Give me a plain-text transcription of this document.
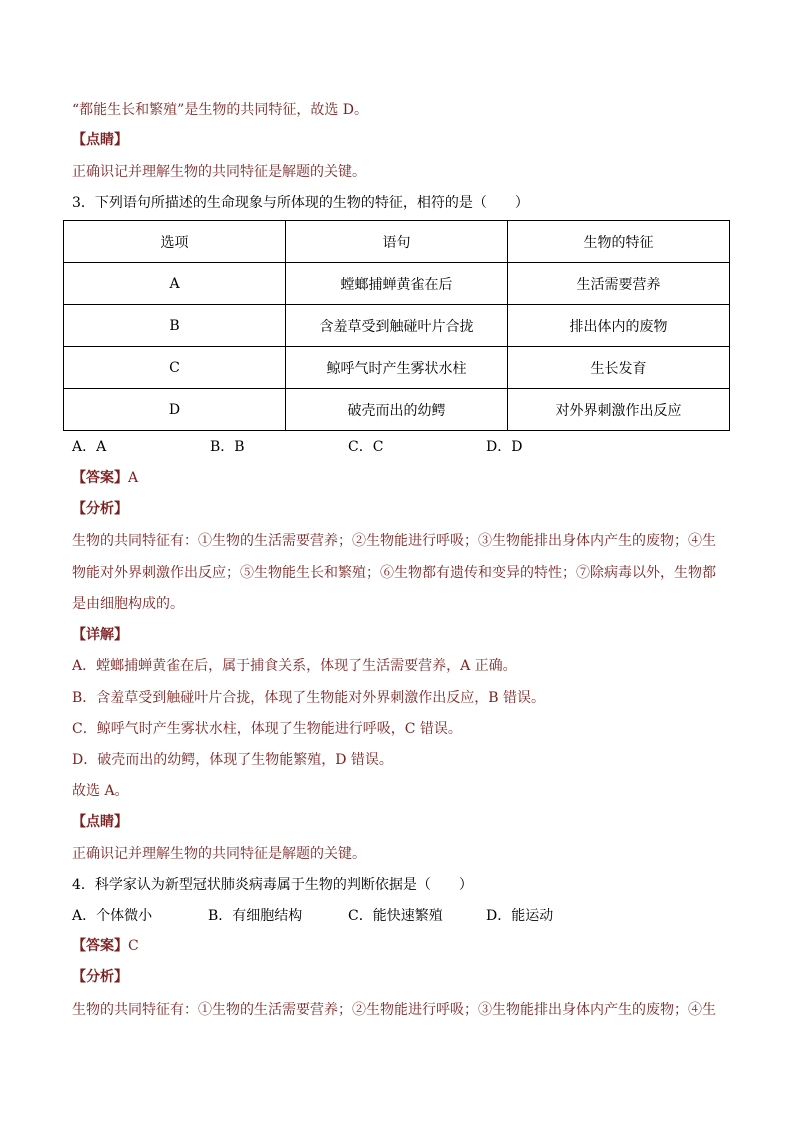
“都能生长和繁殖”是生物的共同特征，故选 D。
【点睛】
正确识记并理解生物的共同特征是解题的关键。
3．下列语句所描述的生命现象与所体现的生物的特征，相符的是（　　）
选项	语句	生物的特征
A	螳螂捕蝉黄雀在后	生活需要营养
B	含羞草受到触碰叶片合拢	排出体内的废物
C	鲸呼气时产生雾状水柱	生长发育
D	破壳而出的幼鳄	对外界刺激作出反应
A．A	B．B	C．C	D．D
【答案】A
【分析】
生物的共同特征有：①生物的生活需要营养；②生物能进行呼吸；③生物能排出身体内产生的废物；④生
物能对外界刺激作出反应；⑤生物能生长和繁殖；⑥生物都有遗传和变异的特性；⑦除病毒以外，生物都
是由细胞构成的。
【详解】
A．螳螂捕蝉黄雀在后，属于捕食关系，体现了生活需要营养，A 正确。
B．含羞草受到触碰叶片合拢，体现了生物能对外界刺激作出反应，B 错误。
C．鲸呼气时产生雾状水柱，体现了生物能进行呼吸，C 错误。
D．破壳而出的幼鳄，体现了生物能繁殖，D 错误。
故选 A。
【点睛】
正确识记并理解生物的共同特征是解题的关键。
4．科学家认为新型冠状肺炎病毒属于生物的判断依据是（　　）
A．个体微小	B．有细胞结构	C．能快速繁殖	D．能运动
【答案】C
【分析】
生物的共同特征有：①生物的生活需要营养；②生物能进行呼吸；③生物能排出身体内产生的废物；④生
